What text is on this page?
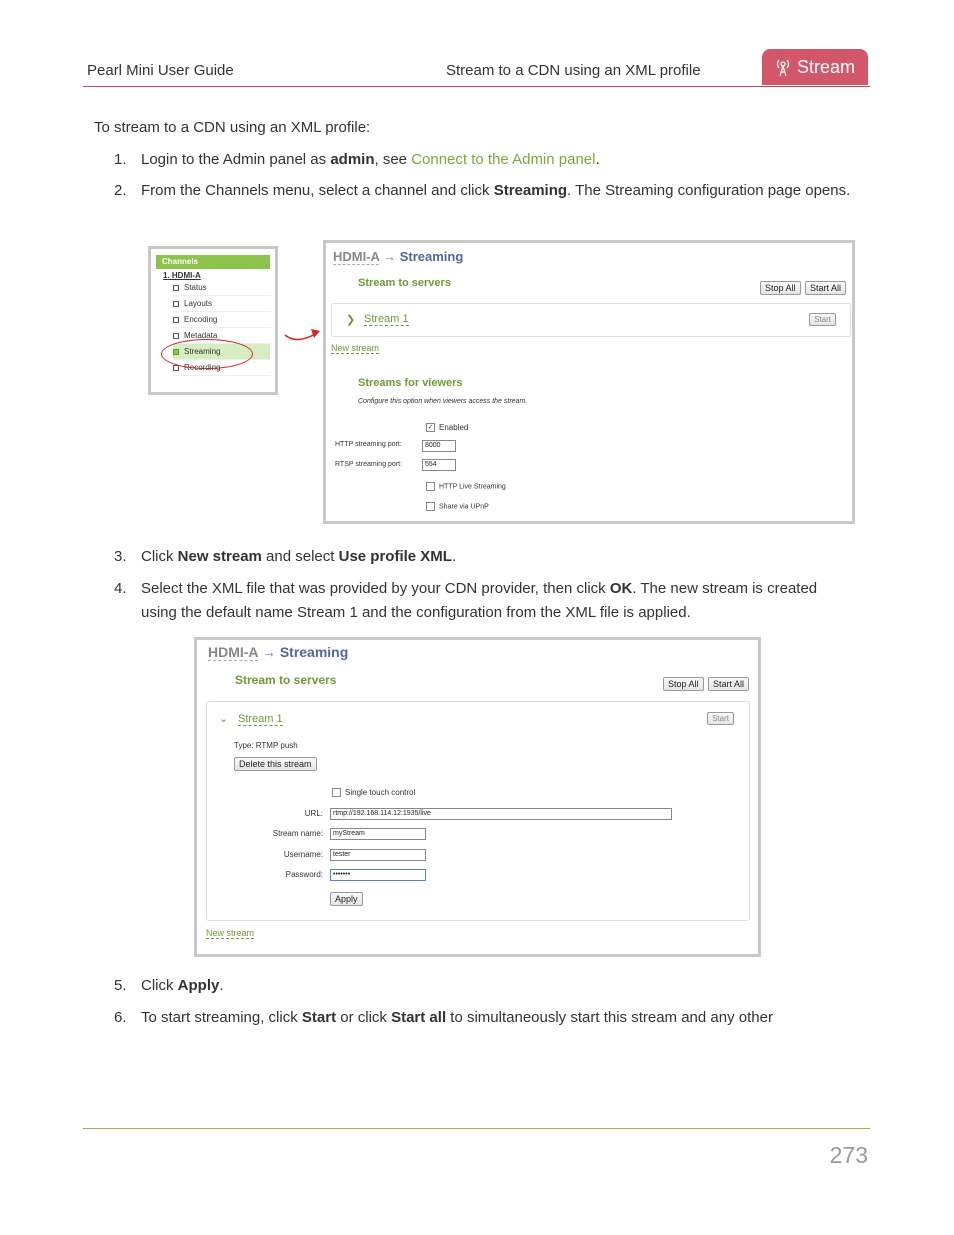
Pearl Mini User Guide	Stream to a CDN using an XML profile	Stream

To stream to a CDN using an XML profile:

1. Login to the Admin panel as admin, see Connect to the Admin panel.
2. From the Channels menu, select a channel and click Streaming. The Streaming configuration page opens.
Channels
1. HDMI-A
Status
Layouts
Encoding
Metadata
Streaming
Recording
HDMI-A → Streaming
Stream to servers	Stop All Start All
❯ Stream 1	Start
New stream
Streams for viewers
Configure this option when viewers access the stream.
✓ Enabled
HTTP streaming port:	8000
RTSP streaming port:	554
HTTP Live Streaming
Share via UPnP
3. Click New stream and select Use profile XML.
4. Select the XML file that was provided by your CDN provider, then click OK. The new stream is created using the default name Stream 1 and the configuration from the XML file is applied.
HDMI-A → Streaming
Stream to servers	Stop All Start All
⌄ Stream 1	Start
Type: RTMP push
Delete this stream
Single touch control
URL:	rtmp://192.168.114.12:1935/live
Stream name:	myStream
Username:	tester
Password:	•••••••
Apply
New stream
5. Click Apply.
6. To start streaming, click Start or click Start all to simultaneously start this stream and any other
273
